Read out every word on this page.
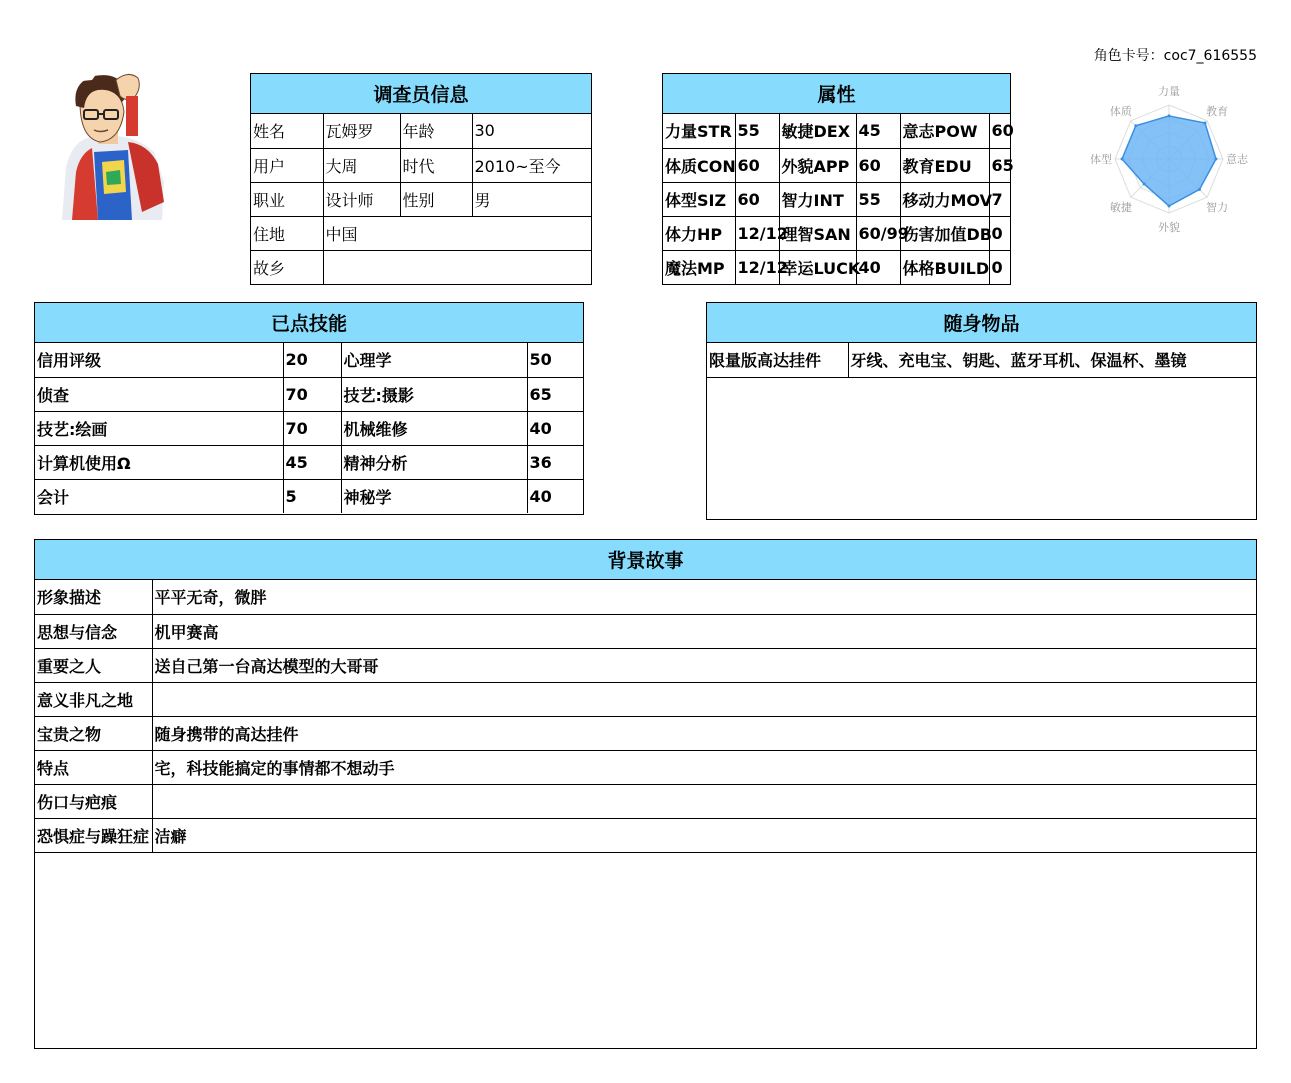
角色卡号：coc7_616555
调查员信息
姓名	瓦姆罗	年龄	30
用户	大周	时代	2010~至今
职业	设计师	性别	男
住地	中国		
故乡			
属性
力量STR	55	敏捷DEX	45	意志POW	60
体质CON	60	外貌APP	60	教育EDU	65
体型SIZ	60	智力INT	55	移动力MOV	7
体力HP	12/12	理智SAN	60/99	伤害加值DB	0
魔法MP	12/12	幸运LUCK	40	体格BUILD	0
力量
教育
意志
智力
外貌
敏捷
体型
体质
已点技能
信用评级	20	心理学	50
侦查	70	技艺:摄影	65
技艺:绘画	70	机械维修	40
计算机使用Ω	45	精神分析	36
会计	5	神秘学	40
随身物品
限量版高达挂件	牙线、充电宝、钥匙、蓝牙耳机、保温杯、墨镜
背景故事
形象描述	平平无奇，微胖
思想与信念	机甲赛高
重要之人	送自己第一台高达模型的大哥哥
意义非凡之地	
宝贵之物	随身携带的高达挂件
特点	宅，科技能搞定的事情都不想动手
伤口与疤痕	
恐惧症与躁狂症	洁癖
